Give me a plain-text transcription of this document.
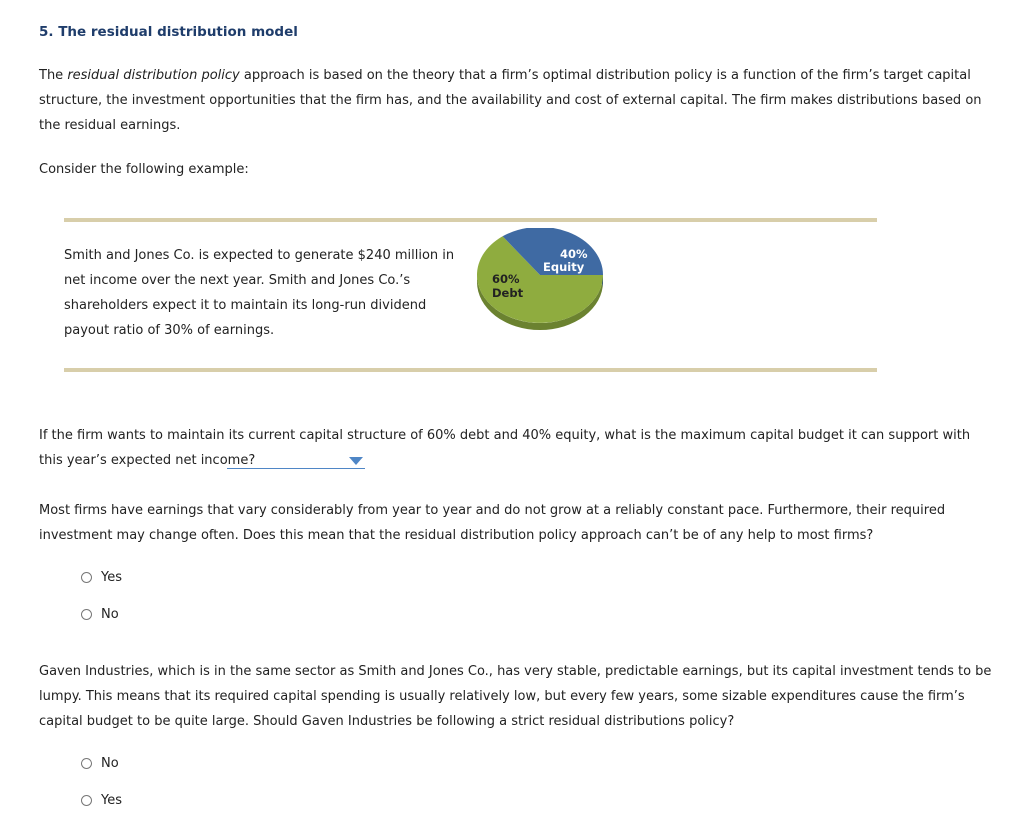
5. The residual distribution model

The residual distribution policy approach is based on the theory that a firm’s optimal distribution policy is a function of the firm’s target capital structure, the investment opportunities that the firm has, and the availability and cost of external capital. The firm makes distributions based on the residual earnings.

Consider the following example:

Smith and Jones Co. is expected to generate $240 million in net income over the next year. Smith and Jones Co.’s shareholders expect it to maintain its long-run dividend payout ratio of 30% of earnings.

40%
Equity
60%
Debt

If the firm wants to maintain its current capital structure of 60% debt and 40% equity, what is the maximum capital budget it can support with this year’s expected net income?

Most firms have earnings that vary considerably from year to year and do not grow at a reliably constant pace. Furthermore, their required investment may change often. Does this mean that the residual distribution policy approach can’t be of any help to most firms?

Yes
No

Gaven Industries, which is in the same sector as Smith and Jones Co., has very stable, predictable earnings, but its capital investment tends to be lumpy. This means that its required capital spending is usually relatively low, but every few years, some sizable expenditures cause the firm’s capital budget to be quite large. Should Gaven Industries be following a strict residual distributions policy?

No
Yes
